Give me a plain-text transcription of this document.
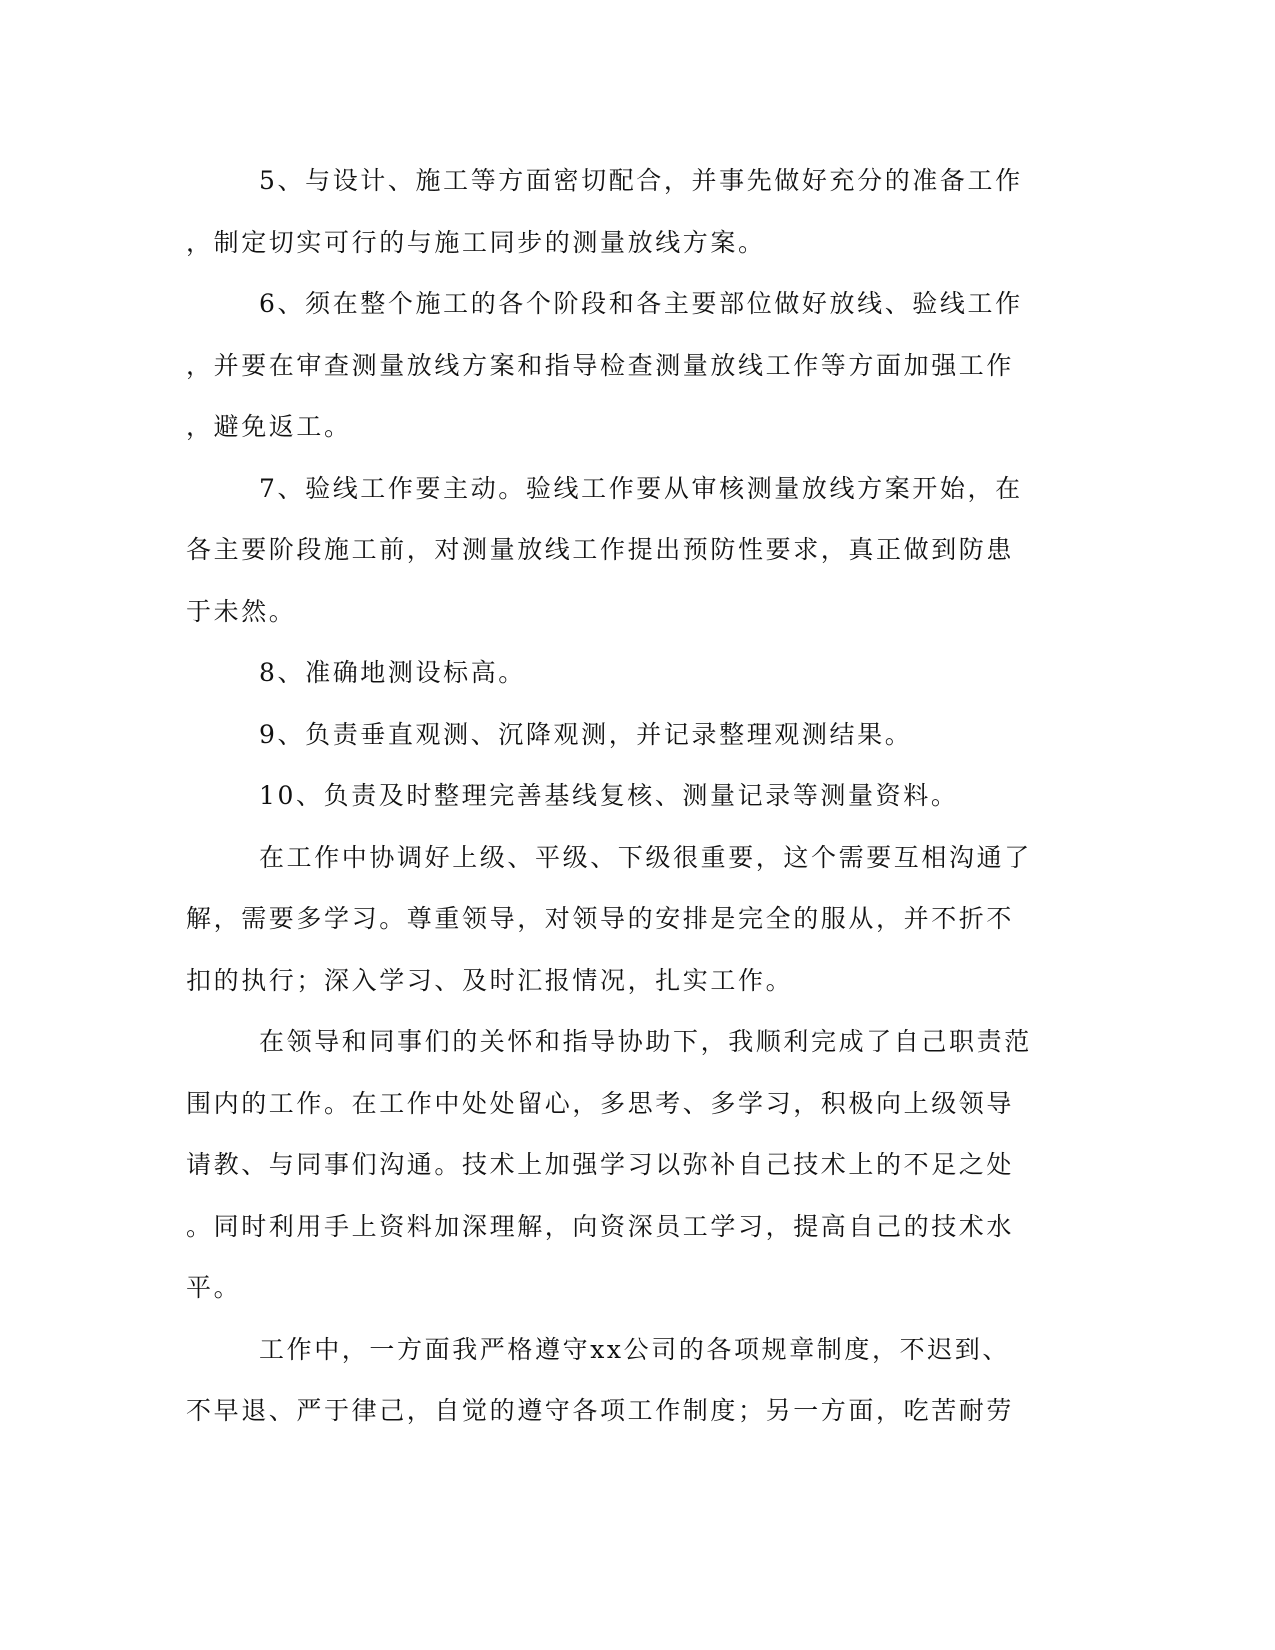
5、与设计、施工等方面密切配合，并事先做好充分的准备工作
，制定切实可行的与施工同步的测量放线方案。
6、须在整个施工的各个阶段和各主要部位做好放线、验线工作
，并要在审查测量放线方案和指导检查测量放线工作等方面加强工作
，避免返工。
7、验线工作要主动。验线工作要从审核测量放线方案开始，在
各主要阶段施工前，对测量放线工作提出预防性要求，真正做到防患
于未然。
8、准确地测设标高。
9、负责垂直观测、沉降观测，并记录整理观测结果。
10、负责及时整理完善基线复核、测量记录等测量资料。
在工作中协调好上级、平级、下级很重要，这个需要互相沟通了
解，需要多学习。尊重领导，对领导的安排是完全的服从，并不折不
扣的执行；深入学习、及时汇报情况，扎实工作。
在领导和同事们的关怀和指导协助下，我顺利完成了自己职责范
围内的工作。在工作中处处留心，多思考、多学习，积极向上级领导
请教、与同事们沟通。技术上加强学习以弥补自己技术上的不足之处
。同时利用手上资料加深理解，向资深员工学习，提高自己的技术水
平。
工作中，一方面我严格遵守xx公司的各项规章制度，不迟到、
不早退、严于律己，自觉的遵守各项工作制度；另一方面，吃苦耐劳
